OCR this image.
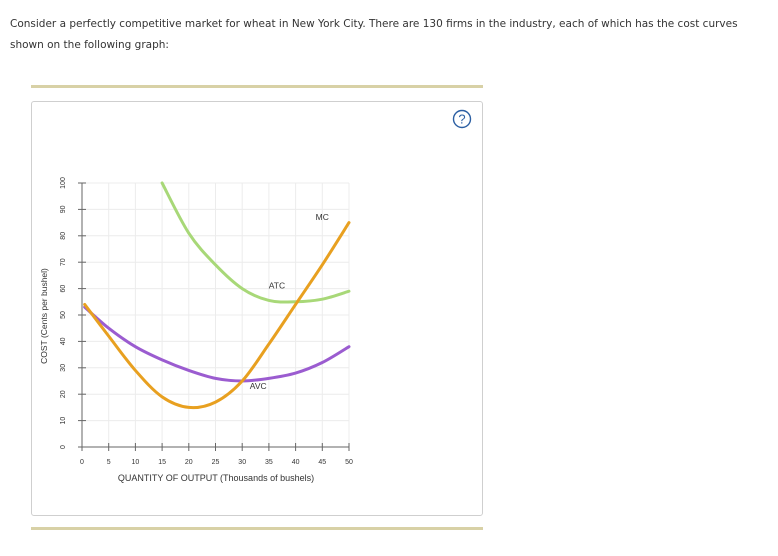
Consider a perfectly competitive market for wheat in New York City. There are 130 firms in the industry, each of which has the cost curves shown on the following graph:
?
0
10
20
30
40
50
60
70
80
90
100
0	5	10	15	20	25	30	35	40	45	50
MC
ATC
AVC
QUANTITY OF OUTPUT (Thousands of bushels)
COST (Cents per bushel)
